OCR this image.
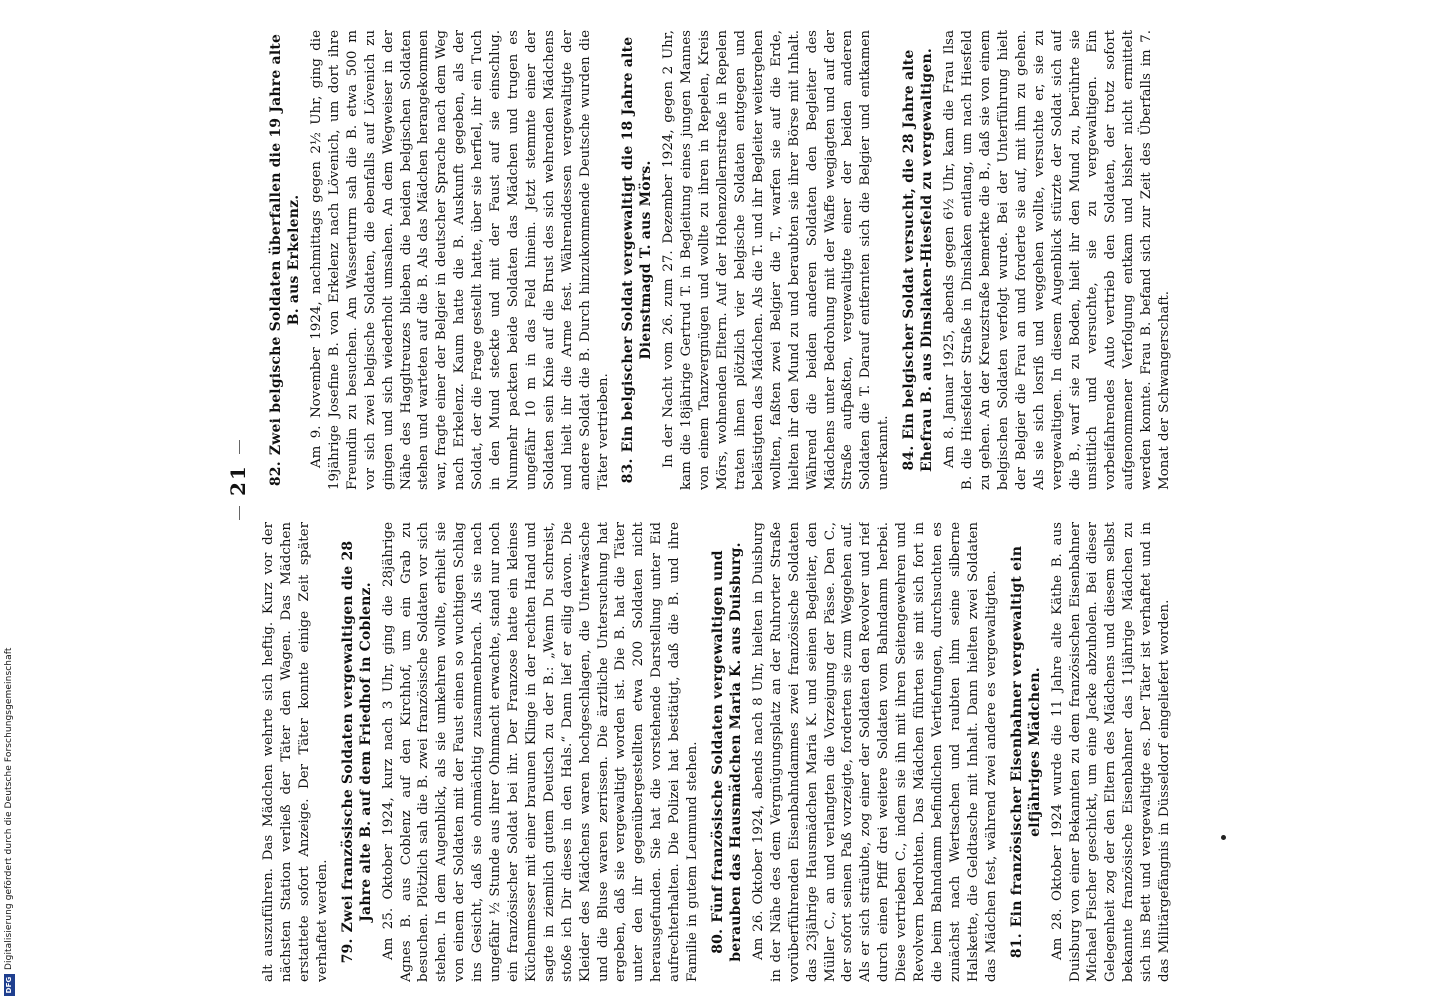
DFG
Digitalisierung gefördert durch die Deutsche Forschungsgemeinschaft
21

alt auszuführen. Das Mädchen wehrte sich heftig. Kurz vor der nächsten Station verließ der Täter den Wagen. Das Mädchen erstattete sofort Anzeige. Der Täter konnte einige Zeit später verhaftet werden. 79.Zwei französische Soldaten vergewaltigen die 28 Jahre alte B. auf dem Friedhof in Coblenz. Am 25. Oktober 1924, kurz nach 3 Uhr, ging die 28jährige Agnes B. aus Coblenz auf den Kirchhof, um ein Grab zu besuchen. Plötzlich sah die B. zwei französische Soldaten vor sich stehen. In dem Augenblick, als sie umkehren wollte, erhielt sie von einem der Soldaten mit der Faust einen so wuchtigen Schlag ins Gesicht, daß sie ohnmächtig zusammenbrach. Als sie nach ungefähr ½ Stunde aus ihrer Ohnmacht erwachte, stand nur noch ein französischer Soldat bei ihr. Der Franzose hatte ein kleines Küchenmesser mit einer braunen Klinge in der rechten Hand und sagte in ziemlich gutem Deutsch zu der B.: „Wenn Du schreist, stoße ich Dir dieses in den Hals.“ Dann lief er eilig davon. Die Kleider des Mädchens waren hochgeschlagen, die Unterwäsche und die Bluse waren zerrissen. Die ärztliche Untersuchung hat ergeben, daß sie vergewaltigt worden ist. Die B. hat die Täter unter den ihr gegenübergestellten etwa 200 Soldaten nicht herausgefunden. Sie hat die vorstehende Darstellung unter Eid aufrechterhalten. Die Polizei hat bestätigt, daß die B. und ihre Familie in gutem Leumund stehen. 80.Fünf französische Soldaten vergewaltigen und berauben das Hausmädchen Maria K. aus Duisburg. Am 26. Oktober 1924, abends nach 8 Uhr, hielten in Duisburg in der Nähe des dem Vergnügungsplatz an der Ruhrorter Straße vorüberführenden Eisenbahndammes zwei französische Soldaten das 23jährige Hausmädchen Maria K. und seinen Begleiter, den Müller C., an und verlangten die Vorzeigung der Pässe. Den C., der sofort seinen Paß vorzeigte, forderten sie zum Weggehen auf. Als er sich sträubte, zog einer der Soldaten den Revolver und rief durch einen Pfiff drei weitere Soldaten vom Bahndamm herbei. Diese vertrieben C., indem sie ihn mit ihren Seitengewehren und Revolvern bedrohten. Das Mädchen führten sie mit sich fort in die beim Bahndamm befindlichen Vertiefungen, durchsuchten es zunächst nach Wertsachen und raubten ihm seine silberne Halskette, die Geldtasche mit Inhalt. Dann hielten zwei Soldaten das Mädchen fest, während zwei andere es vergewaltigten. 81.Ein französischer Eisenbahner vergewaltigt ein elfjähriges Mädchen. Am 28. Oktober 1924 wurde die 11 Jahre alte Käthe B. aus Duisburg von einer Bekannten zu dem französischen Eisenbahner Michael Fischer geschickt, um eine Jacke abzuholen. Bei dieser Gelegenheit zog der den Eltern des Mädchens und diesem selbst bekannte französische Eisenbahner das 11jährige Mädchen zu sich ins Bett und vergewaltigte es. Der Täter ist verhaftet und in das Militärgefängnis in Düsseldorf eingeliefert worden.

82.Zwei belgische Soldaten überfallen die 19 Jahre alte B. aus Erkelenz. Am 9. November 1924, nachmittags gegen 2½ Uhr, ging die 19jährige Josefine B. von Erkelenz nach Lövenich, um dort ihre Freundin zu besuchen. Am Wasserturm sah die B. etwa 500 m vor sich zwei belgische Soldaten, die ebenfalls auf Lövenich zu gingen und sich wiederholt umsahen. An dem Wegweiser in der Nähe des Haggltreuzes blieben die beiden belgischen Soldaten stehen und warteten auf die B. Als das Mädchen herangekommen war, fragte einer der Belgier in deutscher Sprache nach dem Weg nach Erkelenz. Kaum hatte die B. Auskunft gegeben, als der Soldat, der die Frage gestellt hatte, über sie herfiel, ihr ein Tuch in den Mund steckte und mit der Faust auf sie einschlug. Nunmehr packten beide Soldaten das Mädchen und trugen es ungefähr 10 m in das Feld hinein. Jetzt stemmte einer der Soldaten sein Knie auf die Brust des sich wehrenden Mädchens und hielt ihr die Arme fest. Währenddessen vergewaltigte der andere Soldat die B. Durch hinzukommende Deutsche wurden die Täter vertrieben. 83.Ein belgischer Soldat vergewaltigt die 18 Jahre alte Dienstmagd T. aus Mörs. In der Nacht vom 26. zum 27. Dezember 1924, gegen 2 Uhr, kam die 18jährige Gertrud T. in Begleitung eines jungen Mannes von einem Tanzvergnügen und wollte zu ihren in Repelen, Kreis Mörs, wohnenden Eltern. Auf der Hohenzollernstraße in Repelen traten ihnen plötzlich vier belgische Soldaten entgegen und belästigten das Mädchen. Als die T. und ihr Begleiter weitergehen wollten, faßten zwei Belgier die T., warfen sie auf die Erde, hielten ihr den Mund zu und beraubten sie ihrer Börse mit Inhalt. Während die beiden anderen Soldaten den Begleiter des Mädchens unter Bedrohung mit der Waffe wegjagten und auf der Straße aufpaßten, vergewaltigte einer der beiden anderen Soldaten die T. Darauf entfernten sich die Belgier und entkamen unerkannt. 84.Ein belgischer Soldat versucht, die 28 Jahre alte Ehefrau B. aus Dinslaken-Hiesfeld zu vergewaltigen. Am 8. Januar 1925, abends gegen 6½ Uhr, kam die Frau Ilsa B. die Hiesfelder Straße in Dinslaken entlang, um nach Hiesfeld zu gehen. An der Kreuzstraße bemerkte die B., daß sie von einem belgischen Soldaten verfolgt wurde. Bei der Unterführung hielt der Belgier die Frau an und forderte sie auf, mit ihm zu gehen. Als sie sich losriß und weggehen wollte, versuchte er, sie zu vergewaltigen. In diesem Augenblick stürzte der Soldat sich auf die B., warf sie zu Boden, hielt ihr den Mund zu, berührte sie unsittlich und versuchte, sie zu vergewaltigen. Ein vorbeifahrendes Auto vertrieb den Soldaten, der trotz sofort aufgenommener Verfolgung entkam und bisher nicht ermittelt werden konnte. Frau B. befand sich zur Zeit des Überfalls im 7. Monat der Schwangerschaft.
